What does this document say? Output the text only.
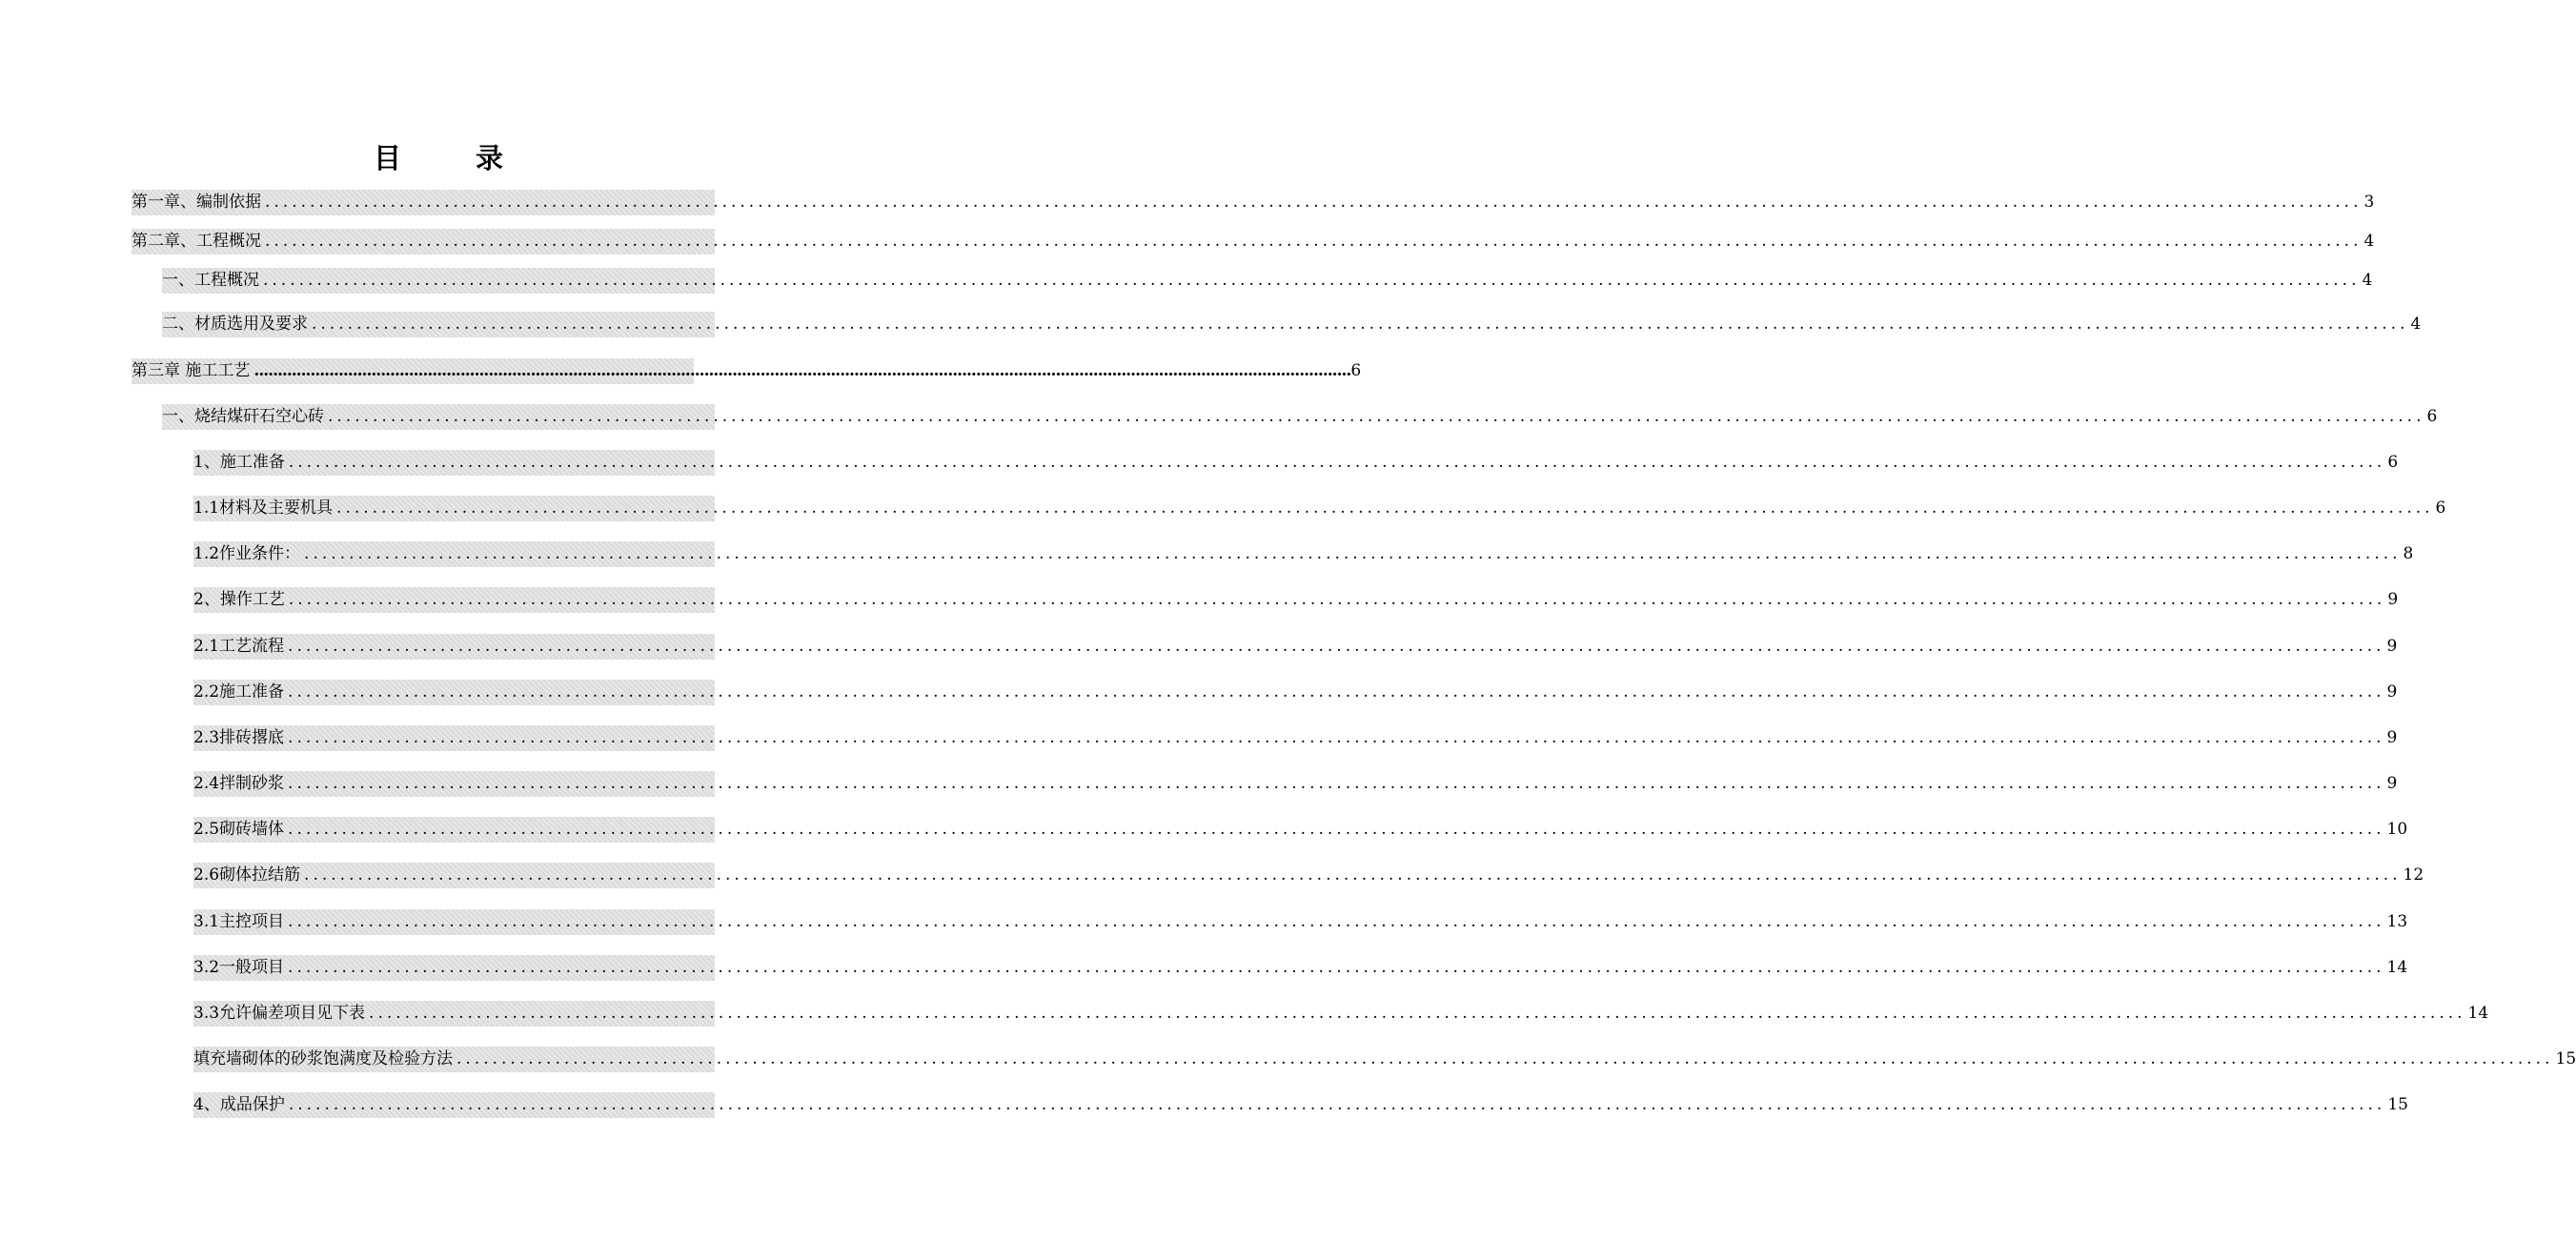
目 录
第一章、编制依据 .......................................................................................................................................................................................................................................... 3
第二章、工程概况 .......................................................................................................................................................................................................................................... 4
一、工程概况 .......................................................................................................................................................................................................................................... 4
二、材质选用及要求 .......................................................................................................................................................................................................................................... 4
第三章 施工工艺 .......................................................................................................................................................................................................................................... 6
一、烧结煤矸石空心砖 .......................................................................................................................................................................................................................................... 6
1、施工准备 .......................................................................................................................................................................................................................................... 6
1.1材料及主要机具 .......................................................................................................................................................................................................................................... 6
1.2作业条件： .......................................................................................................................................................................................................................................... 8
2、操作工艺 .......................................................................................................................................................................................................................................... 9
2.1工艺流程 .......................................................................................................................................................................................................................................... 9
2.2施工准备 .......................................................................................................................................................................................................................................... 9
2.3排砖撂底 .......................................................................................................................................................................................................................................... 9
2.4拌制砂浆 .......................................................................................................................................................................................................................................... 9
2.5砌砖墙体 .......................................................................................................................................................................................................................................... 10
2.6砌体拉结筋 .......................................................................................................................................................................................................................................... 12
3.1主控项目 .......................................................................................................................................................................................................................................... 13
3.2一般项目 .......................................................................................................................................................................................................................................... 14
3.3允许偏差项目见下表 .......................................................................................................................................................................................................................................... 14
填充墙砌体的砂浆饱满度及检验方法 .......................................................................................................................................................................................................................................... 15
4、成品保护 .......................................................................................................................................................................................................................................... 15
